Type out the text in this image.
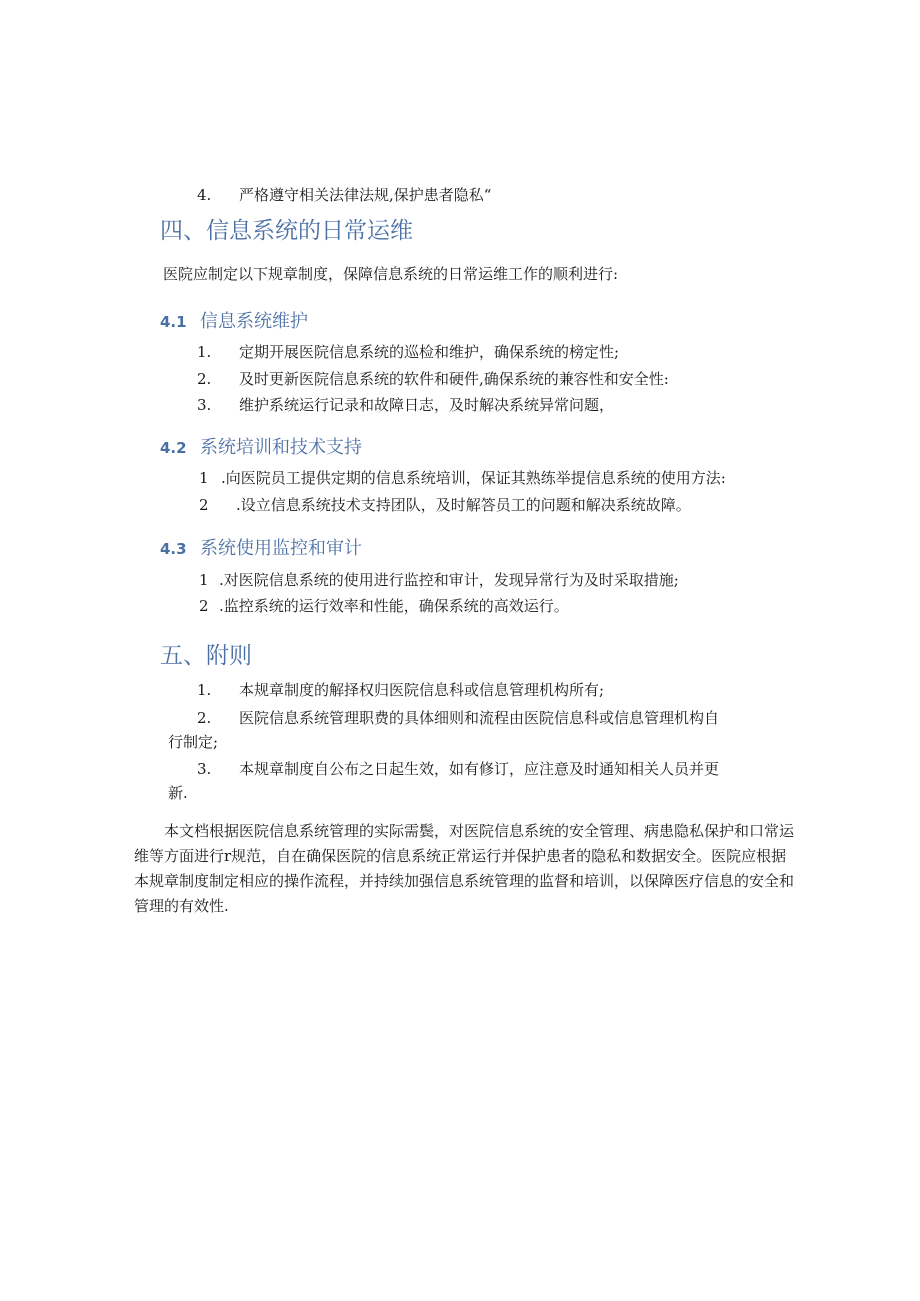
4. 严格遵守相关法律法规,保护患者隐私“
四、信息系统的日常运维
医院应制定以下规章制度，保障信息系统的日常运维工作的顺利进行:
4.1 信息系统维护
1. 定期开展医院信息系统的巡检和维护，确保系统的榜定性;
2. 及时更新医院信息系统的软件和硬件,确保系统的兼容性和安全性:
3. 维护系统运行记录和故障日志，及时解决系统异常问题，
4.2 系统培训和技术支持
1 .向医院员工提供定期的信息系统培训，保证其熟练举提信息系统的使用方法:
2 .设立信息系统技术支持团队，及时解答员工的问题和解决系统故障。
4.3 系统使用监控和审计
1 .对医院信息系统的使用进行监控和审计，发现异常行为及时采取措施;
2 .监控系统的运行效率和性能，确保系统的高效运行。
五、附则
1. 本规章制度的解择权归医院信息科或信息管理机构所有;
2. 医院信息系统管理职费的具体细则和流程由医院信息科或信息管理机构自
行制定;
3. 本规章制度自公布之日起生效，如有修订，应注意及时通知相关人员并更
新.

本文档根据医院信息系统管理的实际需鬓，对医院信息系统的安全管理、病患隐私保护和口常运维等方面进行r规范，自在确保医院的信息系统正常运行并保护患者的隐私和数据安全。医院应根据本规章制度制定相应的操作流程，并持续加强信息系统管理的监督和培训，以保障医疗信息的安全和管理的有效性.
